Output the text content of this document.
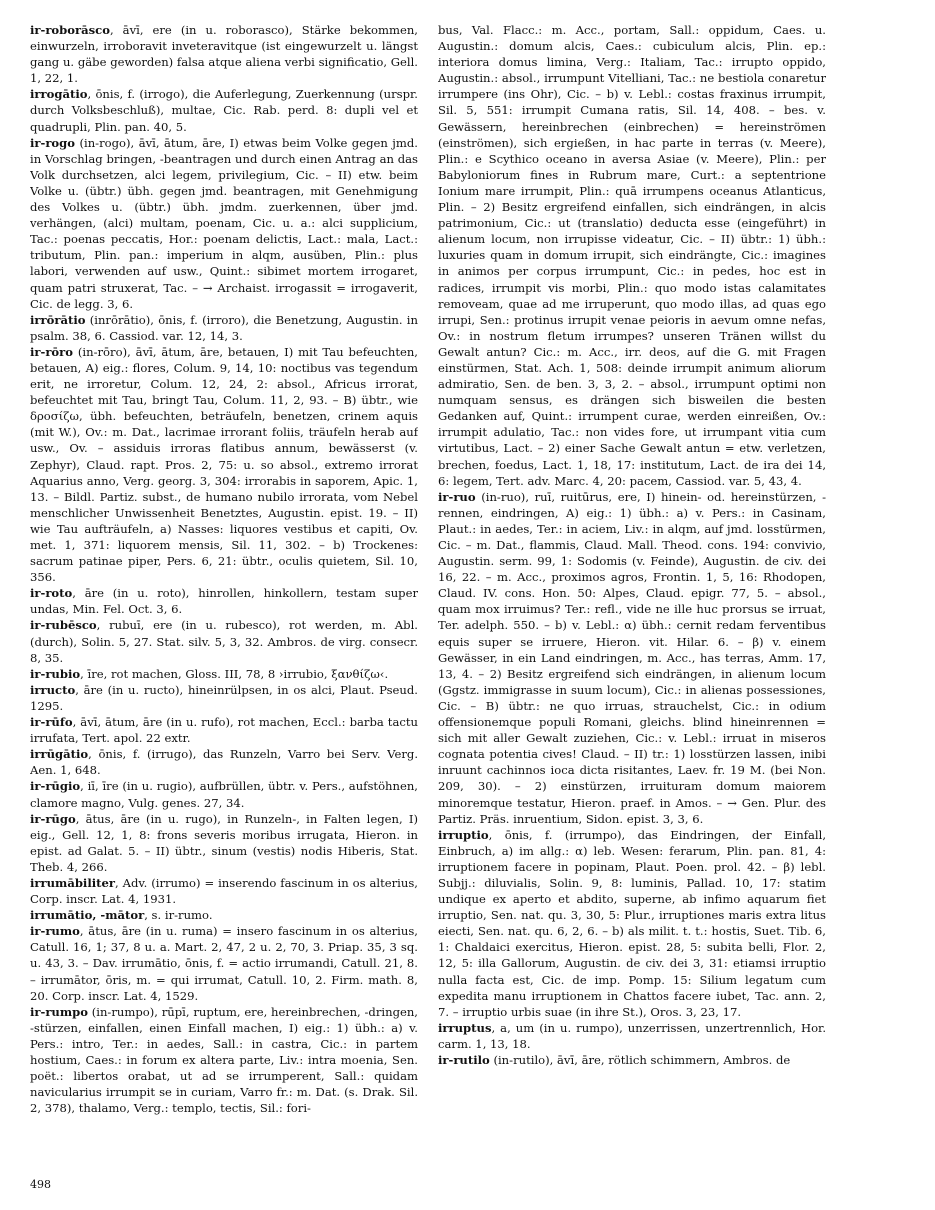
ir-roborāsco, āvī, ere (in u. roborasco), Stärke bekommen, einwurzeln, irroboravit inveteravitque (ist eingewurzelt u. längst gang u. gäbe geworden) falsa atque aliena verbi significatio, Gell. 1, 22, 1.

irrogātio, ōnis, f. (irrogo), die Auferlegung, Zuerkennung (urspr. durch Volksbeschluß), multae, Cic. Rab. perd. 8: dupli vel et quadrupli, Plin. pan. 40, 5.

ir-rogo (in-rogo), āvī, ātum, āre, I) etwas beim Volke gegen jmd. in Vorschlag bringen, -beantragen und durch einen Antrag an das Volk durchsetzen, alci legem, privilegium, Cic. – II) etw. beim Volke u. (übtr.) übh. gegen jmd. beantragen, mit Genehmigung des Volkes u. (übtr.) übh. jmdm. zuerkennen, über jmd. verhängen, (alci) multam, poenam, Cic. u. a.: alci supplicium, Tac.: poenas peccatis, Hor.: poenam delictis, Lact.: mala, Lact.: tributum, Plin. pan.: imperium in alqm, ausüben, Plin.: plus labori, verwenden auf usw., Quint.: sibimet mortem irrogaret, quam patri struxerat, Tac. – → Archaist. irrogassit = irrogaverit, Cic. de legg. 3, 6.

irrōrātio (inrōrātio), ōnis, f. (irroro), die Benetzung, Augustin. in psalm. 38, 6. Cassiod. var. 12, 14, 3.

ir-rōro (in-rōro), āvī, ātum, āre, betauen, I) mit Tau befeuchten, betauen, A) eig.: flores, Colum. 9, 14, 10: noctibus vas tegendum erit, ne irroretur, Colum. 12, 24, 2: absol., Africus irrorat, befeuchtet mit Tau, bringt Tau, Colum. 11, 2, 93. – B) übtr., wie δροσίζω, übh. befeuchten, beträufeln, benetzen, crinem aquis (mit W.), Ov.: m. Dat., lacrimae irrorant foliis, träufeln herab auf usw., Ov. – assiduis irroras flatibus annum, bewässerst (v. Zephyr), Claud. rapt. Pros. 2, 75: u. so absol., extremo irrorat Aquarius anno, Verg. georg. 3, 304: irrorabis in saporem, Apic. 1, 13. – Bildl. Partiz. subst., de humano nubilo irrorata, vom Nebel menschlicher Unwissenheit Benetztes, Augustin. epist. 19. – II) wie Tau aufträufeln, a) Nasses: liquores vestibus et capiti, Ov. met. 1, 371: liquorem mensis, Sil. 11, 302. – b) Trockenes: sacrum patinae piper, Pers. 6, 21: übtr., oculis quietem, Sil. 10, 356.

ir-roto, āre (in u. roto), hinrollen, hinkollern, testam super undas, Min. Fel. Oct. 3, 6.

ir-rubēsco, rubuī, ere (in u. rubesco), rot werden, m. Abl. (durch), Solin. 5, 27. Stat. silv. 5, 3, 32. Ambros. de virg. consecr. 8, 35.

ir-rubio, īre, rot machen, Gloss. III, 78, 8 ›irrubio, ξανθίζω‹.

irructo, āre (in u. ructo), hineinrülpsen, in os alci, Plaut. Pseud. 1295.

ir-rūfo, āvī, ātum, āre (in u. rufo), rot machen, Eccl.: barba tactu irrufata, Tert. apol. 22 extr.

irrūgātio, ōnis, f. (irrugo), das Runzeln, Varro bei Serv. Verg. Aen. 1, 648.

ir-rūgio, iī, īre (in u. rugio), aufbrüllen, übtr. v. Pers., aufstöhnen, clamore magno, Vulg. genes. 27, 34.

ir-rūgo, ātus, āre (in u. rugo), in Runzeln-, in Falten legen, I) eig., Gell. 12, 1, 8: frons severis moribus irrugata, Hieron. in epist. ad Galat. 5. – II) übtr., sinum (vestis) nodis Hiberis, Stat. Theb. 4, 266.

irrumābiliter, Adv. (irrumo) = inserendo fascinum in os alterius, Corp. inscr. Lat. 4, 1931.

irrumātio, -mātor, s. ir-rumo.

ir-rumo, ātus, āre (in u. ruma) = insero fascinum in os alterius, Catull. 16, 1; 37, 8 u. a. Mart. 2, 47, 2 u. 2, 70, 3. Priap. 35, 3 sq. u. 43, 3. – Dav. irrumātio, ōnis, f. = actio irrumandi, Catull. 21, 8. – irrumātor, ōris, m. = qui irrumat, Catull. 10, 2. Firm. math. 8, 20. Corp. inscr. Lat. 4, 1529.

ir-rumpo (in-rumpo), rūpī, ruptum, ere, hereinbrechen, -dringen, -stürzen, einfallen, einen Einfall machen, I) eig.: 1) übh.: a) v. Pers.: intro, Ter.: in aedes, Sall.: in castra, Cic.: in partem hostium, Caes.: in forum ex altera parte, Liv.: intra moenia, Sen. poët.: libertos orabat, ut ad se irrumperent, Sall.: quidam navicularius irrumpit se in curiam, Varro fr.: m. Dat. (s. Drak. Sil. 2, 378), thalamo, Verg.: templo, tectis, Sil.: fori-

bus, Val. Flacc.: m. Acc., portam, Sall.: oppidum, Caes. u. Augustin.: domum alcis, Caes.: cubiculum alcis, Plin. ep.: interiora domus limina, Verg.: Italiam, Tac.: irrupto oppido, Augustin.: absol., irrumpunt Vitelliani, Tac.: ne bestiola conaretur irrumpere (ins Ohr), Cic. – b) v. Lebl.: costas fraxinus irrumpit, Sil. 5, 551: irrumpit Cumana ratis, Sil. 14, 408. – bes. v. Gewässern, hereinbrechen (einbrechen) = hereinströmen (einströmen), sich ergießen, in hac parte in terras (v. Meere), Plin.: e Scythico oceano in aversa Asiae (v. Meere), Plin.: per Babyloniorum fines in Rubrum mare, Curt.: a septentrione Ionium mare irrumpit, Plin.: quā irrumpens oceanus Atlanticus, Plin. – 2) Besitz ergreifend einfallen, sich eindrängen, in alcis patrimonium, Cic.: ut (translatio) deducta esse (eingeführt) in alienum locum, non irrupisse videatur, Cic. – II) übtr.: 1) übh.: luxuries quam in domum irrupit, sich eindrängte, Cic.: imagines in animos per corpus irrumpunt, Cic.: in pedes, hoc est in radices, irrumpit vis morbi, Plin.: quo modo istas calamitates removeam, quae ad me irruperunt, quo modo illas, ad quas ego irrupi, Sen.: protinus irrupit venae peioris in aevum omne nefas, Ov.: in nostrum fletum irrumpes? unseren Tränen willst du Gewalt antun? Cic.: m. Acc., irr. deos, auf die G. mit Fragen einstürmen, Stat. Ach. 1, 508: deinde irrumpit animum aliorum admiratio, Sen. de ben. 3, 3, 2. – absol., irrumpunt optimi non numquam sensus, es drängen sich bisweilen die besten Gedanken auf, Quint.: irrumpent curae, werden einreißen, Ov.: irrumpit adulatio, Tac.: non vides fore, ut irrumpant vitia cum virtutibus, Lact. – 2) einer Sache Gewalt antun = etw. verletzen, brechen, foedus, Lact. 1, 18, 17: institutum, Lact. de ira dei 14, 6: legem, Tert. adv. Marc. 4, 20: pacem, Cassiod. var. 5, 43, 4.

ir-ruo (in-ruo), ruī, ruitūrus, ere, I) hinein- od. hereinstürzen, -rennen, eindringen, A) eig.: 1) übh.: a) v. Pers.: in Casinam, Plaut.: in aedes, Ter.: in aciem, Liv.: in alqm, auf jmd. losstürmen, Cic. – m. Dat., flammis, Claud. Mall. Theod. cons. 194: convivio, Augustin. serm. 99, 1: Sodomis (v. Feinde), Augustin. de civ. dei 16, 22. – m. Acc., proximos agros, Frontin. 1, 5, 16: Rhodopen, Claud. IV. cons. Hon. 50: Alpes, Claud. epigr. 77, 5. – absol., quam mox irruimus? Ter.: refl., vide ne ille huc prorsus se irruat, Ter. adelph. 550. – b) v. Lebl.: α) übh.: cernit redam ferventibus equis super se irruere, Hieron. vit. Hilar. 6. – β) v. einem Gewässer, in ein Land eindringen, m. Acc., has terras, Amm. 17, 13, 4. – 2) Besitz ergreifend sich eindrängen, in alienum locum (Ggstz. immigrasse in suum locum), Cic.: in alienas possessiones, Cic. – B) übtr.: ne quo irruas, strauchelst, Cic.: in odium offensionemque populi Romani, gleichs. blind hineinrennen = sich mit aller Gewalt zuziehen, Cic.: v. Lebl.: irruat in miseros cognata potentia cives! Claud. – II) tr.: 1) losstürzen lassen, inibi inruunt cachinnos ioca dicta risitantes, Laev. fr. 19 M. (bei Non. 209, 30). – 2) einstürzen, irruituram domum maiorem minoremque testatur, Hieron. praef. in Amos. – → Gen. Plur. des Partiz. Präs. inruentium, Sidon. epist. 3, 3, 6.

irruptio, ōnis, f. (irrumpo), das Eindringen, der Einfall, Einbruch, a) im allg.: α) leb. Wesen: ferarum, Plin. pan. 81, 4: irruptionem facere in popinam, Plaut. Poen. prol. 42. – β) lebl. Subjj.: diluvialis, Solin. 9, 8: luminis, Pallad. 10, 17: statim undique ex aperto et abdito, superne, ab infimo aquarum fiet irruptio, Sen. nat. qu. 3, 30, 5: Plur., irruptiones maris extra litus eiecti, Sen. nat. qu. 6, 2, 6. – b) als milit. t. t.: hostis, Suet. Tib. 6, 1: Chaldaici exercitus, Hieron. epist. 28, 5: subita belli, Flor. 2, 12, 5: illa Gallorum, Augustin. de civ. dei 3, 31: etiamsi irruptio nulla facta est, Cic. de imp. Pomp. 15: Silium legatum cum expedita manu irruptionem in Chattos facere iubet, Tac. ann. 2, 7. – irruptio urbis suae (in ihre St.), Oros. 3, 23, 17.

irruptus, a, um (in u. rumpo), unzerrissen, unzertrennlich, Hor. carm. 1, 13, 18.

ir-rutilo (in-rutilo), āvī, āre, rötlich schimmern, Ambros. de

498
